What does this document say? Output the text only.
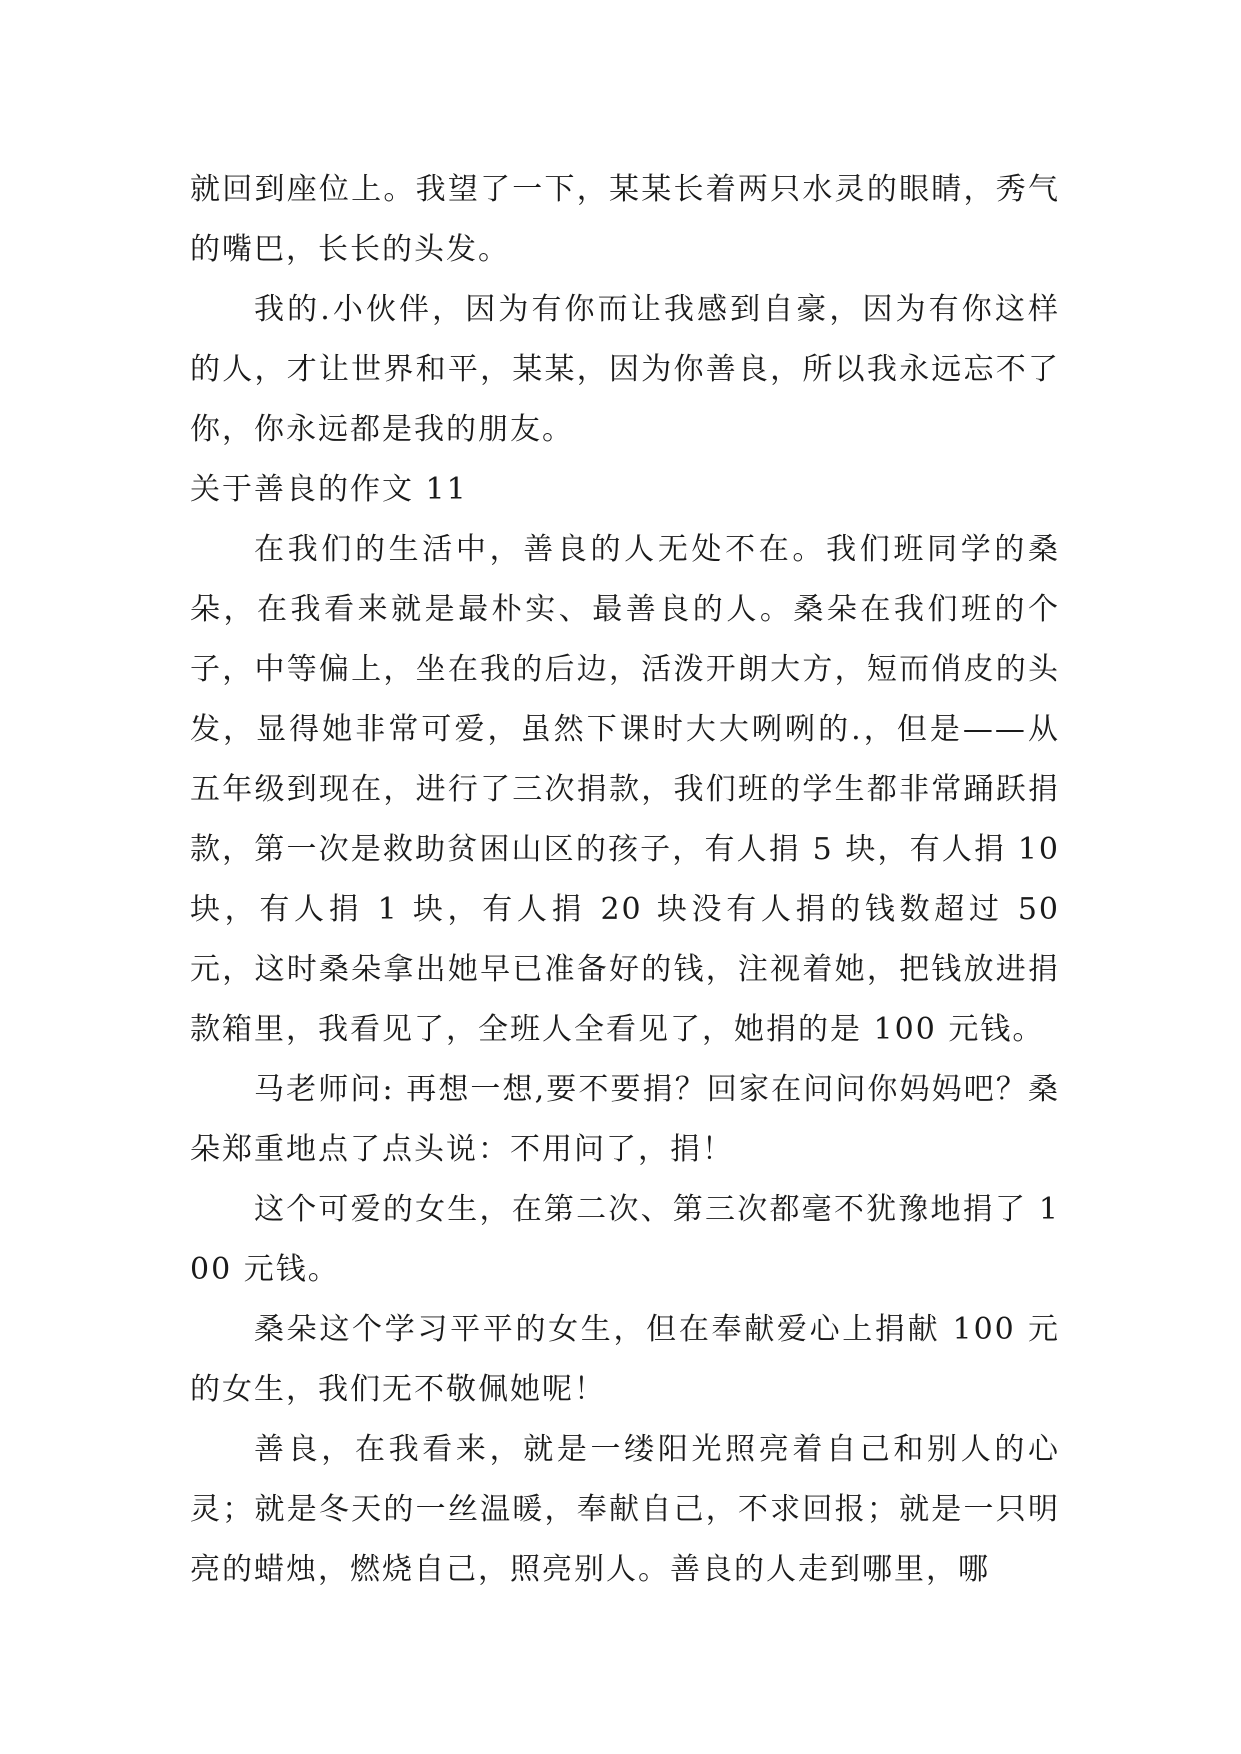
就回到座位上。我望了一下，某某长着两只水灵的眼睛，秀气的嘴巴，长长的头发。

我的.小伙伴，因为有你而让我感到自豪，因为有你这样的人，才让世界和平，某某，因为你善良，所以我永远忘不了你，你永远都是我的朋友。

关于善良的作文 11

在我们的生活中，善良的人无处不在。我们班同学的桑朵，在我看来就是最朴实、最善良的人。桑朵在我们班的个子，中等偏上，坐在我的后边，活泼开朗大方，短而俏皮的头发，显得她非常可爱，虽然下课时大大咧咧的.，但是——从五年级到现在，进行了三次捐款，我们班的学生都非常踊跃捐款，第一次是救助贫困山区的孩子，有人捐 5 块，有人捐 10 块，有人捐 1 块，有人捐 20 块没有人捐的钱数超过 50 元，这时桑朵拿出她早已准备好的钱，注视着她，把钱放进捐款箱里，我看见了，全班人全看见了，她捐的是 100 元钱。

马老师问: 再想一想,要不要捐？回家在问问你妈妈吧？桑朵郑重地点了点头说：不用问了，捐！

这个可爱的女生，在第二次、第三次都毫不犹豫地捐了 100 元钱。

桑朵这个学习平平的女生，但在奉献爱心上捐献 100 元的女生，我们无不敬佩她呢！

善良，在我看来，就是一缕阳光照亮着自己和别人的心灵；就是冬天的一丝温暖，奉献自己，不求回报；就是一只明亮的蜡烛，燃烧自己，照亮别人。善良的人走到哪里，哪
